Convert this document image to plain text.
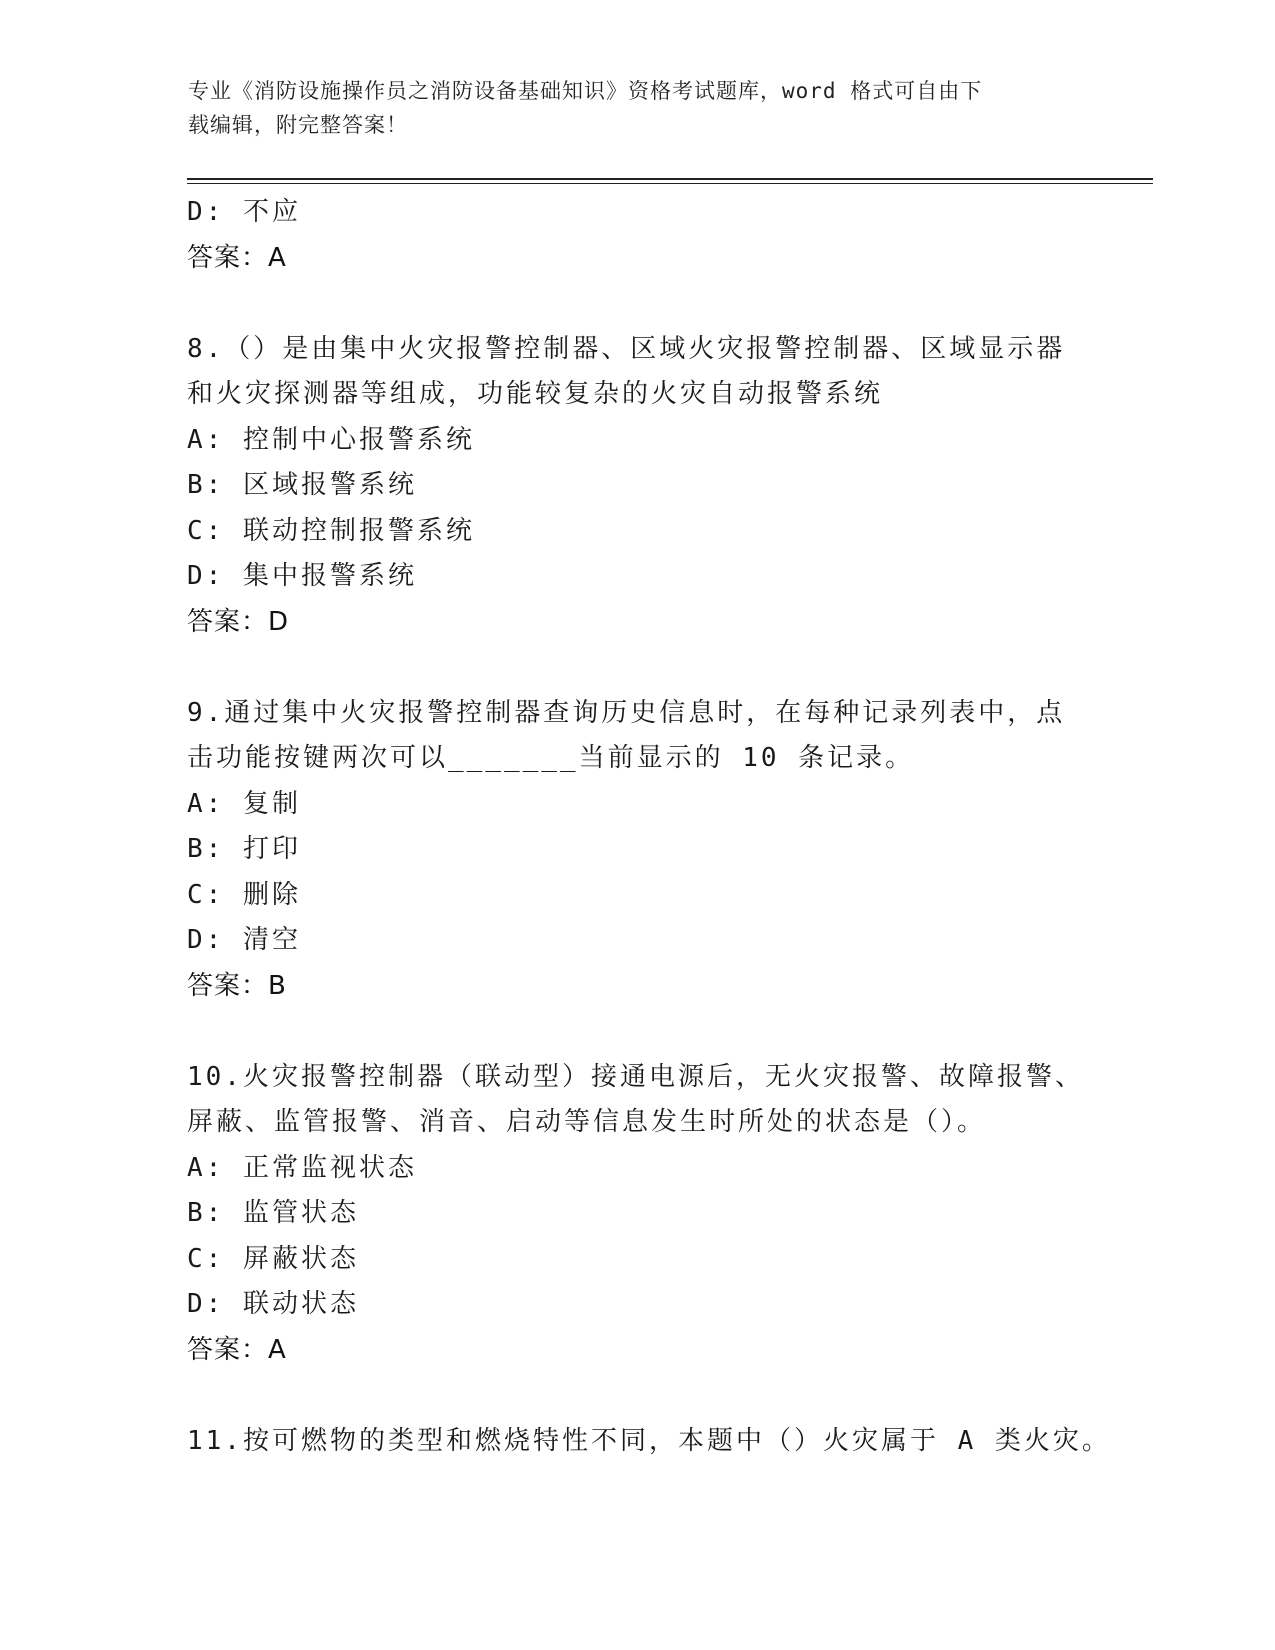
专业《消防设施操作员之消防设备基础知识》资格考试题库，word 格式可自由下
载编辑，附完整答案！
D: 不应
答案：A
8.（）是由集中火灾报警控制器、区域火灾报警控制器、区域显示器
和火灾探测器等组成，功能较复杂的火灾自动报警系统
A: 控制中心报警系统
B: 区域报警系统
C: 联动控制报警系统
D: 集中报警系统
答案：D
9.通过集中火灾报警控制器查询历史信息时，在每种记录列表中，点
击功能按键两次可以_______当前显示的 10 条记录。
A: 复制
B: 打印
C: 删除
D: 清空
答案：B
10.火灾报警控制器（联动型）接通电源后，无火灾报警、故障报警、
屏蔽、监管报警、消音、启动等信息发生时所处的状态是（）。
A: 正常监视状态
B: 监管状态
C: 屏蔽状态
D: 联动状态
答案：A
11.按可燃物的类型和燃烧特性不同，本题中（）火灾属于 A 类火灾。
